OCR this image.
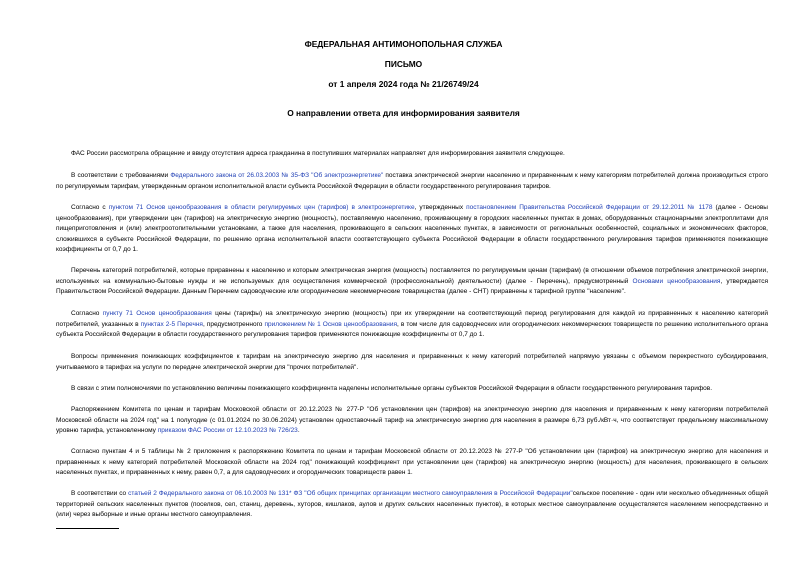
ФЕДЕРАЛЬНАЯ АНТИМОНОПОЛЬНАЯ СЛУЖБА
ПИСЬМО
от 1 апреля 2024 года № 21/26749/24
О направлении ответа для информирования заявителя
ФАС России рассмотрела обращение и ввиду отсутствия адреса гражданина в поступивших материалах направляет для информирования заявителя следующее.
В соответствии с требованиями Федерального закона от 26.03.2003 № 35-ФЗ "Об электроэнергетике" поставка электрической энергии населению и приравненным к нему категориям потребителей должна производиться строго по регулируемым тарифам, утвержденным органом исполнительной власти субъекта Российской Федерации в области государственного регулирования тарифов.
Согласно с пунктом 71 Основ ценообразования в области регулируемых цен (тарифов) в электроэнергетике, утвержденных постановлением Правительства Российской Федерации от 29.12.2011 № 1178 (далее - Основы ценообразования), при утверждении цен (тарифов) на электрическую энергию (мощность), поставляемую населению, проживающему в городских населенных пунктах в домах, оборудованных стационарными электроплитами для пищеприготовления и (или) электроотопительными установками, а также для населения, проживающего в сельских населенных пунктах, в зависимости от региональных особенностей, социальных и экономических факторов, сложившихся в субъекте Российской Федерации, по решению органа исполнительной власти соответствующего субъекта Российской Федерации в области государственного регулирования тарифов применяются понижающие коэффициенты от 0,7 до 1.
Перечень категорий потребителей, которые приравнены к населению и которым электрическая энергия (мощность) поставляется по регулируемым ценам (тарифам) (в отношении объемов потребления электрической энергии, используемых на коммунально-бытовые нужды и не используемых для осуществления коммерческой (профессиональной) деятельности) (далее - Перечень), предусмотренный Основами ценообразования, утверждается Правительством Российской Федерации. Данным Перечнем садоводческие или огороднические некоммерческие товарищества (далее - СНТ) приравнены к тарифной группе "население".
Согласно пункту 71 Основ ценообразования цены (тарифы) на электрическую энергию (мощность) при их утверждении на соответствующий период регулирования для каждой из приравненных к населению категорий потребителей, указанных в пунктах 2-5 Перечня, предусмотренного приложением № 1 Основ ценообразования, в том числе для садоводческих или огороднических некоммерческих товариществ по решению исполнительного органа субъекта Российской Федерации в области государственного регулирования тарифов применяются понижающие коэффициенты от 0,7 до 1.
Вопросы применения понижающих коэффициентов к тарифам на электрическую энергию для населения и приравненных к нему категорий потребителей напрямую увязаны с объемом перекрестного субсидирования, учитываемого в тарифах на услуги по передаче электрической энергии для "прочих потребителей".
В связи с этим полномочиями по установлению величины понижающего коэффициента наделены исполнительные органы субъектов Российской Федерации в области государственного регулирования тарифов.
Распоряжением Комитета по ценам и тарифам Московской области от 20.12.2023 № 277-Р "Об установлении цен (тарифов) на электрическую энергию для населения и приравненным к нему категориям потребителей Московской области на 2024 год" на 1 полугодие (с 01.01.2024 по 30.06.2024) установлен одноставочный тариф на электрическую энергию для населения в размере 6,73 руб./кВт·ч, что соответствует предельному максимальному уровню тарифа, установленному приказом ФАС России от 12.10.2023 № 726/23.
Согласно пунктам 4 и 5 таблицы № 2 приложения к распоряжению Комитета по ценам и тарифам Московской области от 20.12.2023 № 277-Р "Об установлении цен (тарифов) на электрическую энергию для населения и приравненных к нему категорий потребителей Московской области на 2024 год" понижающий коэффициент при установлении цен (тарифов) на электрическую энергию (мощность) для населения, проживающего в сельских населенных пунктах, и приравненных к нему, равен 0,7, а для садоводческих и огороднических товариществ равен 1.
В соответствии со статьей 2 Федерального закона от 06.10.2003 № 131* ФЗ "Об общих принципах организации местного самоуправления в Российской Федерации"сельское поселение - один или несколько объединенных общей территорией сельских населенных пунктов (поселков, сел, станиц, деревень, хуторов, кишлаков, аулов и других сельских населенных пунктов), в которых местное самоуправление осуществляется населением непосредственно и (или) через выборные и иные органы местного самоуправления.
